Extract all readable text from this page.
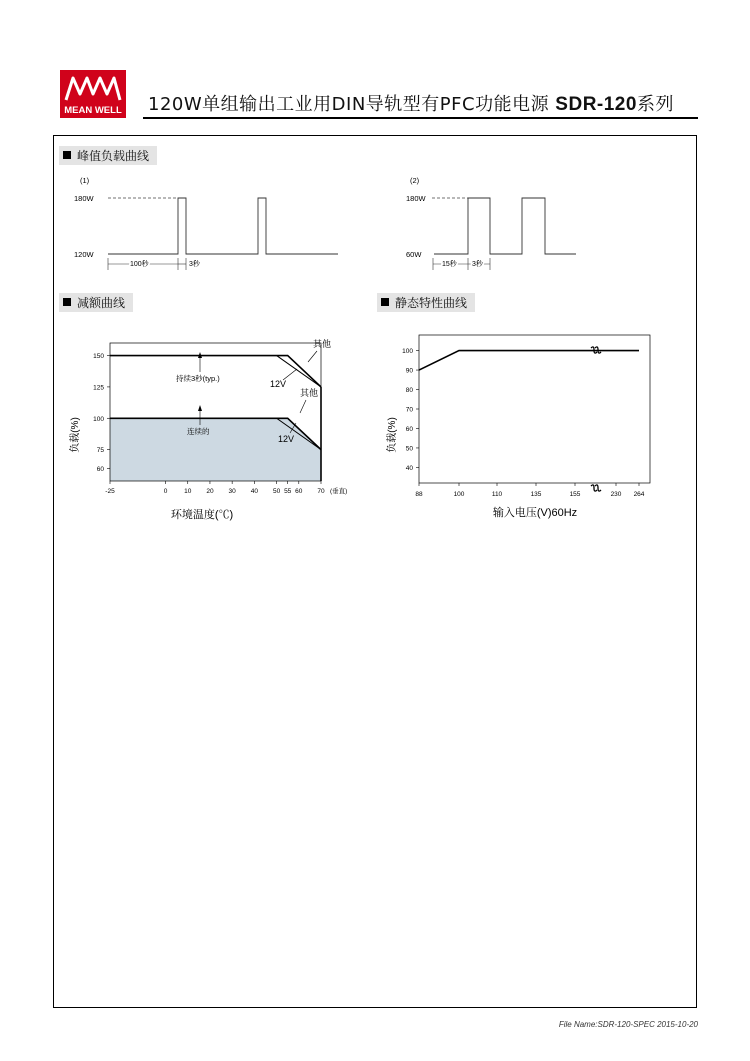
MEAN WELL 120W单组输出工业用DIN导轨型有PFC功能电源 SDR-120系列
峰值负载曲线
减额曲线	静态特性曲线
(1)
180W
120W
100秒	3秒
(2)
180W
60W
15秒 3秒
-25	0	10 20 30 40 50 55 60 70
150
125
100
75
60
负载(%)
环境温度(℃)
(垂直)
持续3秒(typ.)
连续的
其他
12V
其他
12V
88	100	110	135	155	230 264
100
90
80
70
60
50
40
负载(%)
输入电压(V)60Hz
File Name:SDR-120-SPEC 2015-10-20
